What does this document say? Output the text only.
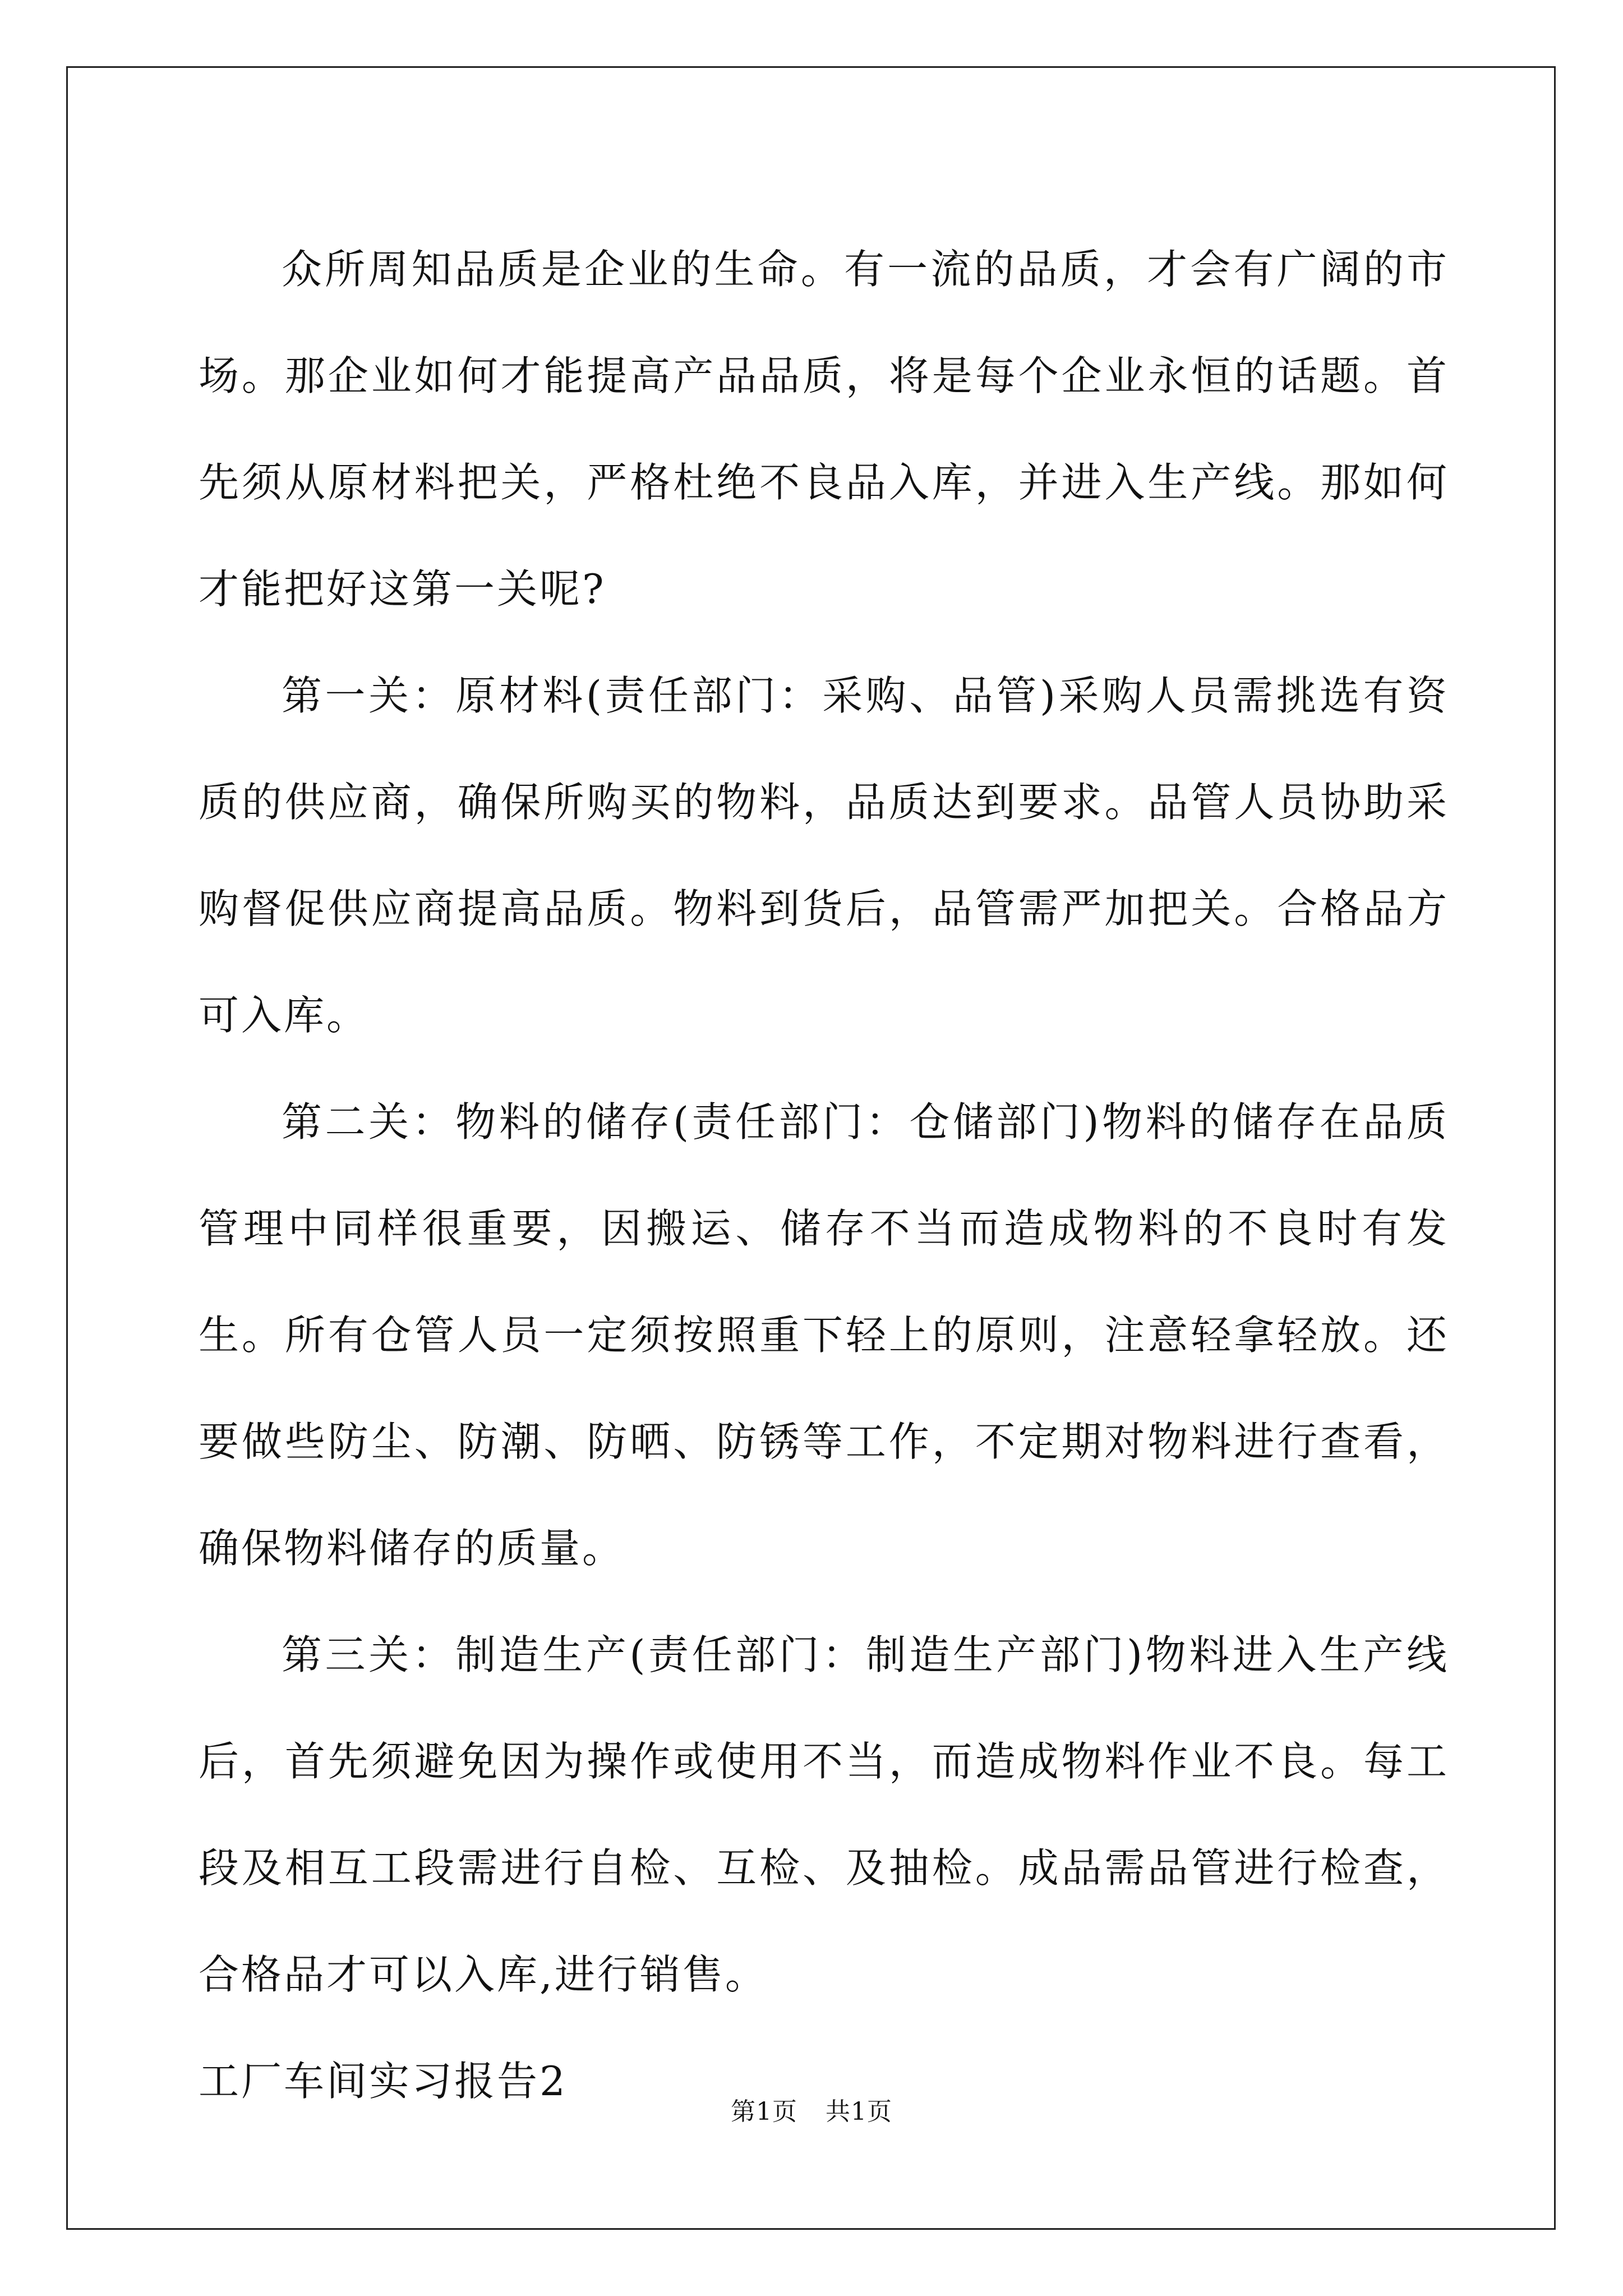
众所周知品质是企业的生命。有一流的品质，才会有广阔的市场。那企业如何才能提高产品品质，将是每个企业永恒的话题。首先须从原材料把关，严格杜绝不良品入库，并进入生产线。那如何才能把好这第一关呢?

第一关：原材料(责任部门：采购、品管)采购人员需挑选有资质的供应商，确保所购买的物料，品质达到要求。品管人员协助采购督促供应商提高品质。物料到货后，品管需严加把关。合格品方可入库。

第二关：物料的储存(责任部门：仓储部门)物料的储存在品质管理中同样很重要，因搬运、储存不当而造成物料的不良时有发生。所有仓管人员一定须按照重下轻上的原则，注意轻拿轻放。还要做些防尘、防潮、防晒、防锈等工作，不定期对物料进行查看，确保物料储存的质量。

第三关：制造生产(责任部门：制造生产部门)物料进入生产线后，首先须避免因为操作或使用不当，而造成物料作业不良。每工段及相互工段需进行自检、互检、及抽检。成品需品管进行检查，合格品才可以入库,进行销售。

工厂车间实习报告2

第1页 共1页
